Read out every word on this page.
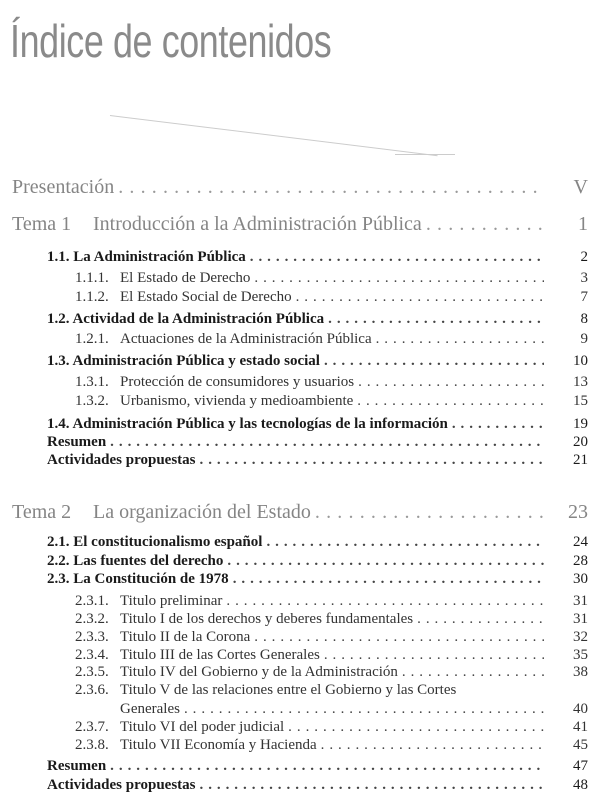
Índice de contenidos
Presentación . . .	V
Tema 1 Introducción a la Administración Pública . . .	1
1.1. La Administración Pública . . .	2
1.1.1. El Estado de Derecho . . .	3
1.1.2. El Estado Social de Derecho . . .	7
1.2. Actividad de la Administración Pública . . .	8
1.2.1. Actuaciones de la Administración Pública . . .	9
1.3. Administración Pública y estado social . . .	10
1.3.1. Protección de consumidores y usuarios . . .	13
1.3.2. Urbanismo, vivienda y medioambiente . . .	15
1.4. Administración Pública y las tecnologías de la información . . .	19
Resumen . . .	20
Actividades propuestas . . .	21
Tema 2 La organización del Estado . . .	23
2.1. El constitucionalismo español . . .	24
2.2. Las fuentes del derecho . . .	28
2.3. La Constitución de 1978 . . .	30
2.3.1. Titulo preliminar . . .	31
2.3.2. Titulo I de los derechos y deberes fundamentales . . .	31
2.3.3. Titulo II de la Corona . . .	32
2.3.4. Titulo III de las Cortes Generales . . .	35
2.3.5. Titulo IV del Gobierno y de la Administración . . .	38
2.3.6. Titulo V de las relaciones entre el Gobierno y las Cortes
Generales . . .	40
2.3.7. Titulo VI del poder judicial . . .	41
2.3.8. Titulo VII Economía y Hacienda . . .	45
Resumen . . .	47
Actividades propuestas . . .	48
